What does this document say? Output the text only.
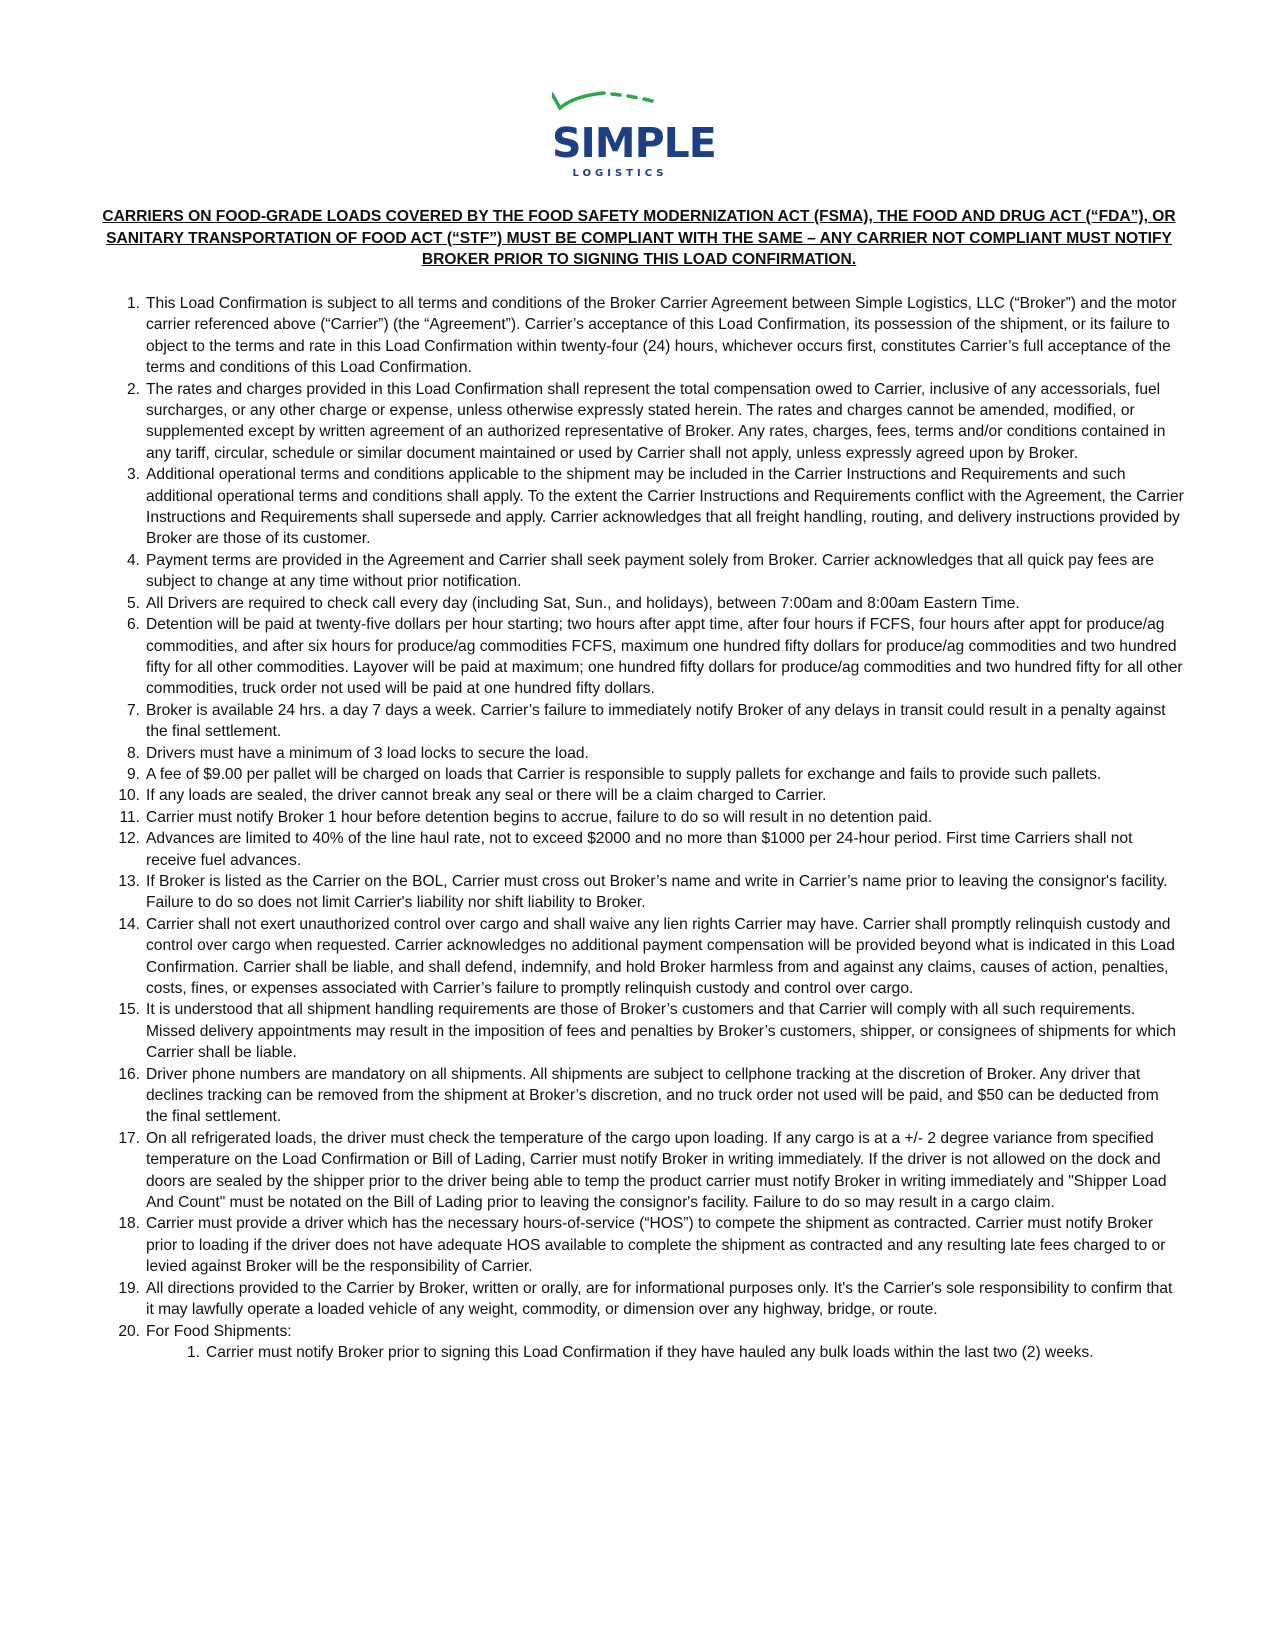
SIMPLE
LOGISTICS
CARRIERS ON FOOD-GRADE LOADS COVERED BY THE FOOD SAFETY MODERNIZATION ACT (FSMA), THE FOOD AND DRUG ACT (“FDA”), OR SANITARY TRANSPORTATION OF FOOD ACT (“STF”) MUST BE COMPLIANT WITH THE SAME – ANY CARRIER NOT COMPLIANT MUST NOTIFY BROKER PRIOR TO SIGNING THIS LOAD CONFIRMATION.
1. This Load Confirmation is subject to all terms and conditions of the Broker Carrier Agreement between Simple Logistics, LLC (“Broker”) and the motor carrier referenced above (“Carrier”) (the “Agreement”). Carrier’s acceptance of this Load Confirmation, its possession of the shipment, or its failure to object to the terms and rate in this Load Confirmation within twenty-four (24) hours, whichever occurs first, constitutes Carrier’s full acceptance of the terms and conditions of this Load Confirmation.
2. The rates and charges provided in this Load Confirmation shall represent the total compensation owed to Carrier, inclusive of any accessorials, fuel surcharges, or any other charge or expense, unless otherwise expressly stated herein. The rates and charges cannot be amended, modified, or supplemented except by written agreement of an authorized representative of Broker. Any rates, charges, fees, terms and/or conditions contained in any tariff, circular, schedule or similar document maintained or used by Carrier shall not apply, unless expressly agreed upon by Broker.
3. Additional operational terms and conditions applicable to the shipment may be included in the Carrier Instructions and Requirements and such additional operational terms and conditions shall apply. To the extent the Carrier Instructions and Requirements conflict with the Agreement, the Carrier Instructions and Requirements shall supersede and apply. Carrier acknowledges that all freight handling, routing, and delivery instructions provided by Broker are those of its customer.
4. Payment terms are provided in the Agreement and Carrier shall seek payment solely from Broker. Carrier acknowledges that all quick pay fees are subject to change at any time without prior notification.
5. All Drivers are required to check call every day (including Sat, Sun., and holidays), between 7:00am and 8:00am Eastern Time.
6. Detention will be paid at twenty-five dollars per hour starting; two hours after appt time, after four hours if FCFS, four hours after appt for produce/ag commodities, and after six hours for produce/ag commodities FCFS, maximum one hundred fifty dollars for produce/ag commodities and two hundred fifty for all other commodities. Layover will be paid at maximum; one hundred fifty dollars for produce/ag commodities and two hundred fifty for all other commodities, truck order not used will be paid at one hundred fifty dollars.
7. Broker is available 24 hrs. a day 7 days a week. Carrier’s failure to immediately notify Broker of any delays in transit could result in a penalty against the final settlement.
8. Drivers must have a minimum of 3 load locks to secure the load.
9. A fee of $9.00 per pallet will be charged on loads that Carrier is responsible to supply pallets for exchange and fails to provide such pallets.
10. If any loads are sealed, the driver cannot break any seal or there will be a claim charged to Carrier.
11. Carrier must notify Broker 1 hour before detention begins to accrue, failure to do so will result in no detention paid.
12. Advances are limited to 40% of the line haul rate, not to exceed $2000 and no more than $1000 per 24-hour period. First time Carriers shall not receive fuel advances.
13. If Broker is listed as the Carrier on the BOL, Carrier must cross out Broker’s name and write in Carrier’s name prior to leaving the consignor's facility. Failure to do so does not limit Carrier's liability nor shift liability to Broker.
14. Carrier shall not exert unauthorized control over cargo and shall waive any lien rights Carrier may have. Carrier shall promptly relinquish custody and control over cargo when requested. Carrier acknowledges no additional payment compensation will be provided beyond what is indicated in this Load Confirmation. Carrier shall be liable, and shall defend, indemnify, and hold Broker harmless from and against any claims, causes of action, penalties, costs, fines, or expenses associated with Carrier’s failure to promptly relinquish custody and control over cargo.
15. It is understood that all shipment handling requirements are those of Broker’s customers and that Carrier will comply with all such requirements. Missed delivery appointments may result in the imposition of fees and penalties by Broker’s customers, shipper, or consignees of shipments for which Carrier shall be liable.
16. Driver phone numbers are mandatory on all shipments. All shipments are subject to cellphone tracking at the discretion of Broker. Any driver that declines tracking can be removed from the shipment at Broker’s discretion, and no truck order not used will be paid, and $50 can be deducted from the final settlement.
17. On all refrigerated loads, the driver must check the temperature of the cargo upon loading. If any cargo is at a +/- 2 degree variance from specified temperature on the Load Confirmation or Bill of Lading, Carrier must notify Broker in writing immediately. If the driver is not allowed on the dock and doors are sealed by the shipper prior to the driver being able to temp the product carrier must notify Broker in writing immediately and "Shipper Load And Count" must be notated on the Bill of Lading prior to leaving the consignor's facility. Failure to do so may result in a cargo claim.
18. Carrier must provide a driver which has the necessary hours-of-service (“HOS”) to compete the shipment as contracted. Carrier must notify Broker prior to loading if the driver does not have adequate HOS available to complete the shipment as contracted and any resulting late fees charged to or levied against Broker will be the responsibility of Carrier.
19. All directions provided to the Carrier by Broker, written or orally, are for informational purposes only. It's the Carrier's sole responsibility to confirm that it may lawfully operate a loaded vehicle of any weight, commodity, or dimension over any highway, bridge, or route.
20. For Food Shipments:
1. Carrier must notify Broker prior to signing this Load Confirmation if they have hauled any bulk loads within the last two (2) weeks.
